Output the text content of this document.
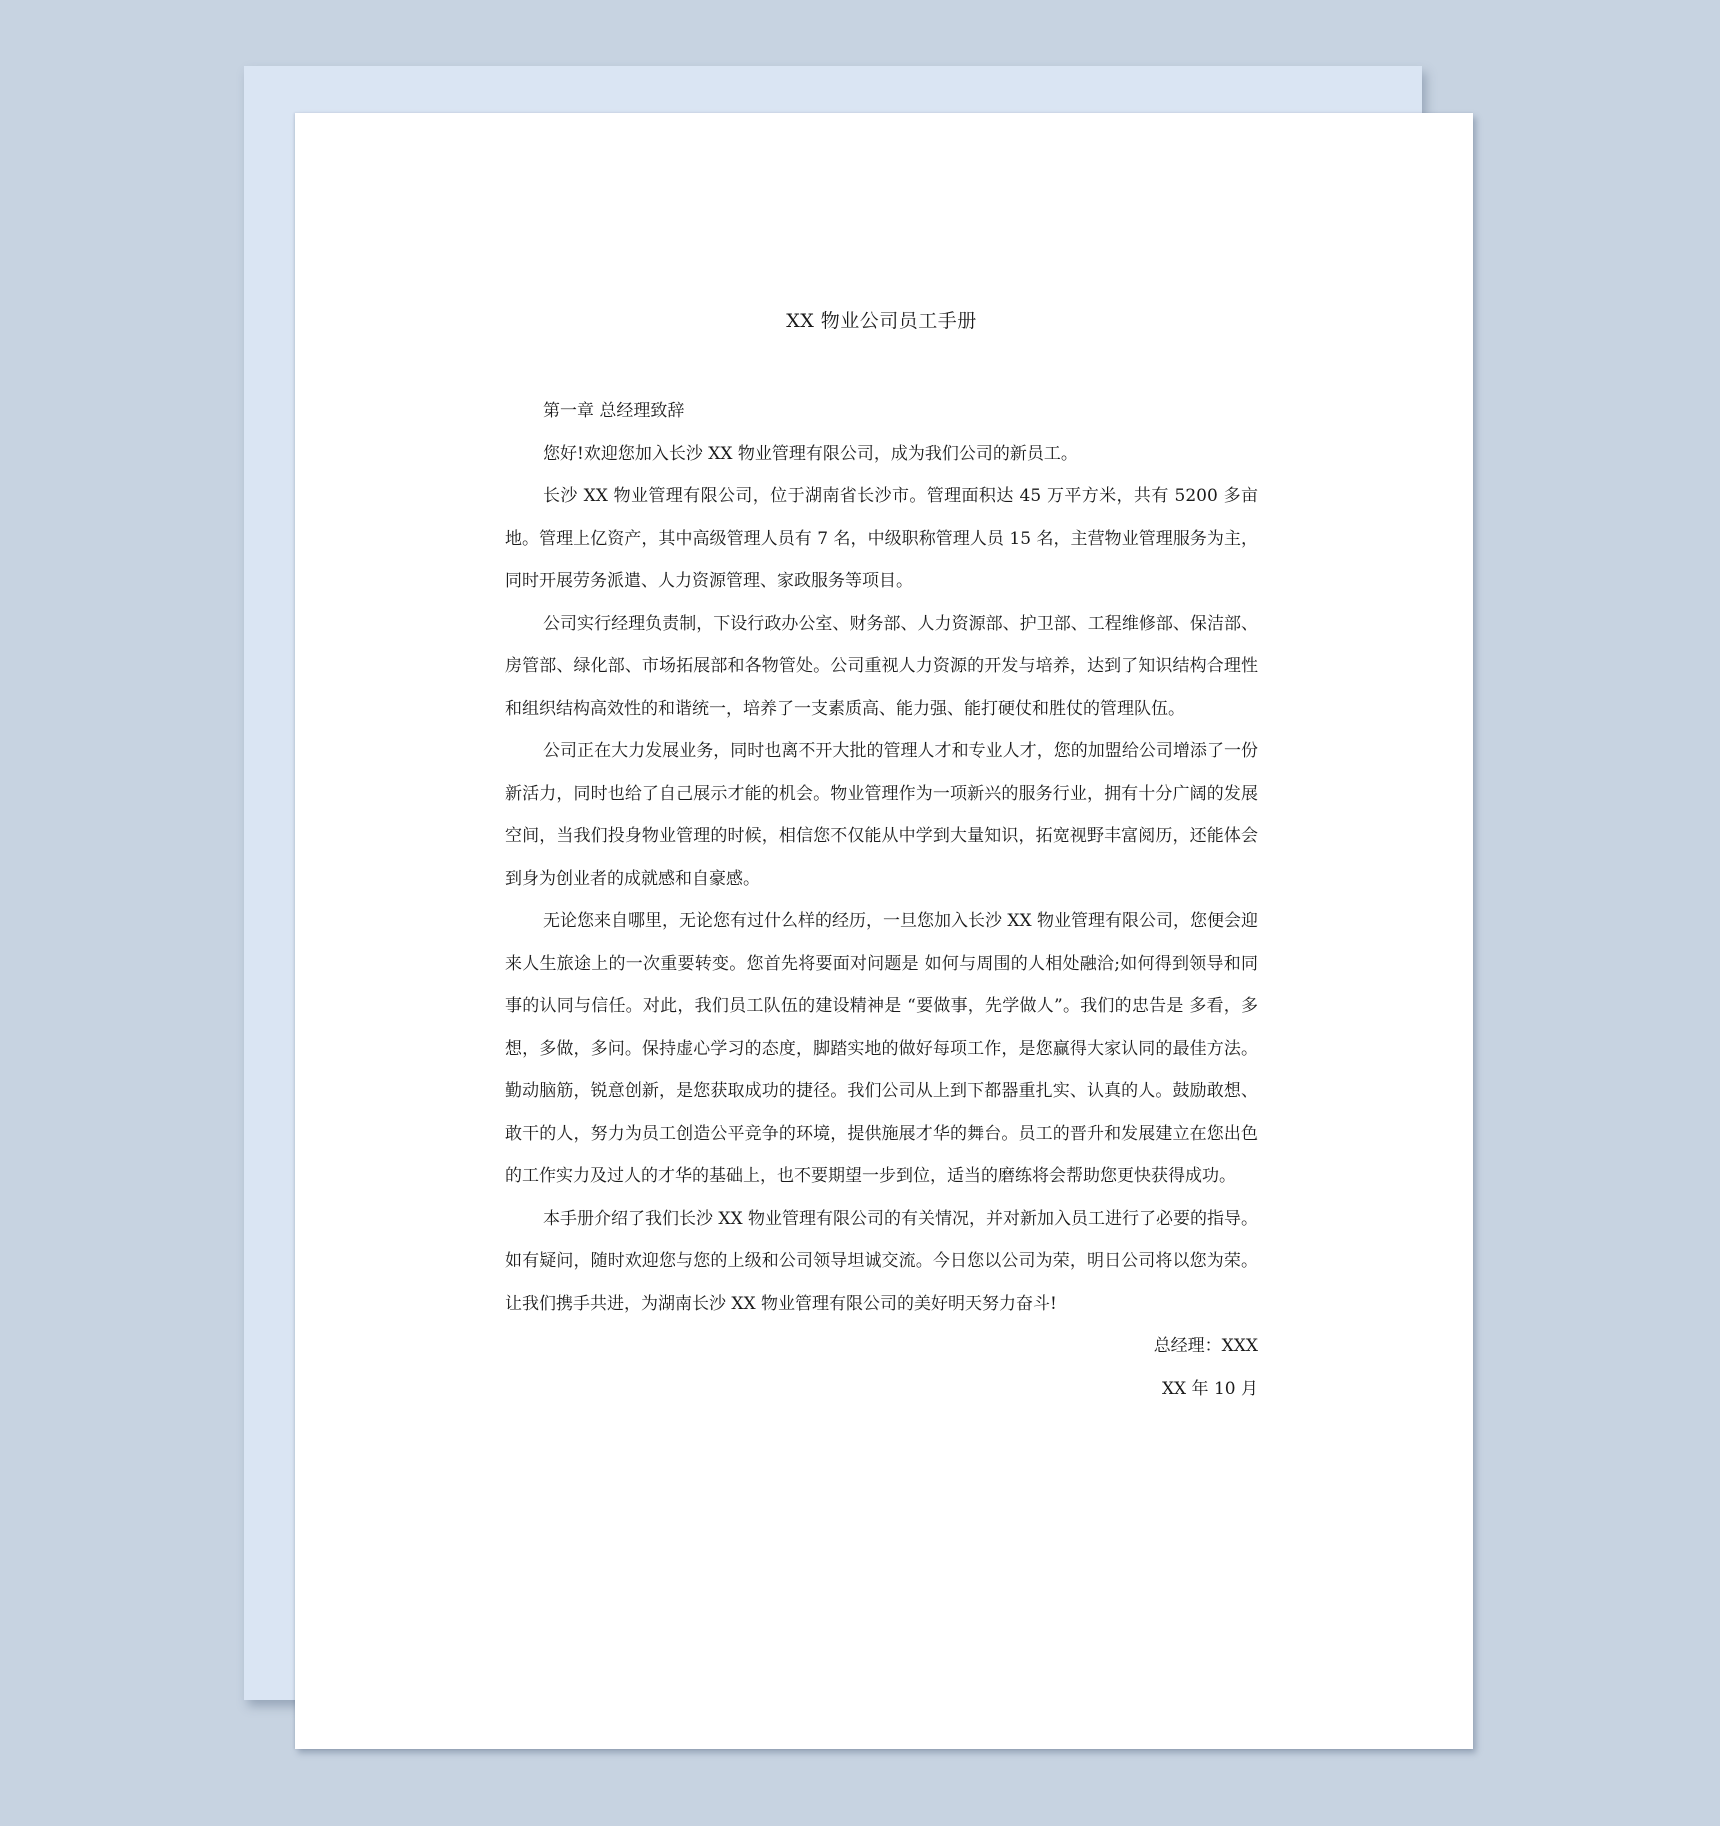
XX 物业公司员工手册

第一章 总经理致辞

您好!欢迎您加入长沙 XX 物业管理有限公司，成为我们公司的新员工。

长沙 XX 物业管理有限公司，位于湖南省长沙市。管理面积达 45 万平方米，共有 5200 多亩地。管理上亿资产，其中高级管理人员有 7 名，中级职称管理人员 15 名，主营物业管理服务为主，同时开展劳务派遣、人力资源管理、家政服务等项目。

公司实行经理负责制，下设行政办公室、财务部、人力资源部、护卫部、工程维修部、保洁部、房管部、绿化部、市场拓展部和各物管处。公司重视人力资源的开发与培养，达到了知识结构合理性和组织结构高效性的和谐统一，培养了一支素质高、能力强、能打硬仗和胜仗的管理队伍。

公司正在大力发展业务，同时也离不开大批的管理人才和专业人才，您的加盟给公司增添了一份新活力，同时也给了自己展示才能的机会。物业管理作为一项新兴的服务行业，拥有十分广阔的发展空间，当我们投身物业管理的时候，相信您不仅能从中学到大量知识，拓宽视野丰富阅历，还能体会到身为创业者的成就感和自豪感。

无论您来自哪里，无论您有过什么样的经历，一旦您加入长沙 XX 物业管理有限公司，您便会迎来人生旅途上的一次重要转变。您首先将要面对问题是 如何与周围的人相处融洽;如何得到领导和同事的认同与信任。对此，我们员工队伍的建设精神是 “要做事，先学做人”。我们的忠告是 多看，多想，多做，多问。保持虚心学习的态度，脚踏实地的做好每项工作，是您赢得大家认同的最佳方法。勤动脑筋，锐意创新，是您获取成功的捷径。我们公司从上到下都器重扎实、认真的人。鼓励敢想、敢干的人，努力为员工创造公平竞争的环境，提供施展才华的舞台。员工的晋升和发展建立在您出色的工作实力及过人的才华的基础上，也不要期望一步到位，适当的磨练将会帮助您更快获得成功。

本手册介绍了我们长沙 XX 物业管理有限公司的有关情况，并对新加入员工进行了必要的指导。如有疑问，随时欢迎您与您的上级和公司领导坦诚交流。今日您以公司为荣，明日公司将以您为荣。让我们携手共进，为湖南长沙 XX 物业管理有限公司的美好明天努力奋斗!

总经理：XXX

XX 年 10 月
